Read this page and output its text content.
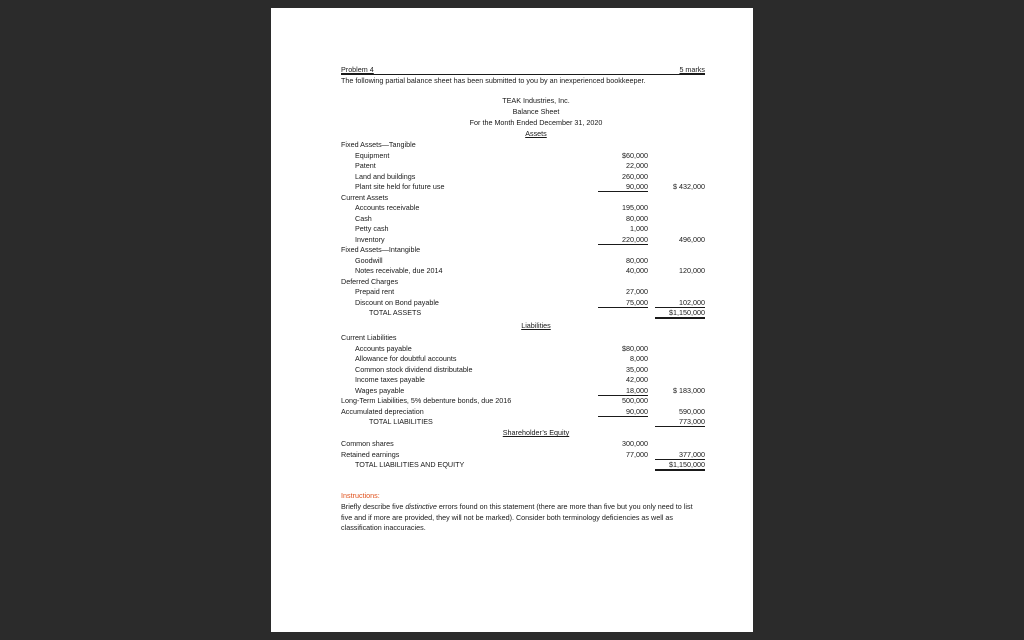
Problem 4	5 marks
The following partial balance sheet has been submitted to you by an inexperienced bookkeeper.
TEAK Industries, Inc.
Balance Sheet
For the Month Ended December 31, 2020
Assets
Fixed Assets—Tangible
Equipment	$60,000
Patent	22,000
Land and buildings	260,000
Plant site held for future use	90,000	$ 432,000
Current Assets
Accounts receivable	195,000
Cash	80,000
Petty cash	1,000
Inventory	220,000	496,000
Fixed Assets—Intangible
Goodwill	80,000
Notes receivable, due 2014	40,000	120,000
Deferred Charges
Prepaid rent	27,000
Discount on Bond payable	75,000	102,000
TOTAL ASSETS	$1,150,000
Liabilities
Current Liabilities
Accounts payable	$80,000
Allowance for doubtful accounts	8,000
Common stock dividend distributable	35,000
Income taxes payable	42,000
Wages payable	18,000	$ 183,000
Long-Term Liabilities, 5% debenture bonds, due 2016	500,000
Accumulated depreciation	90,000	590,000
TOTAL LIABILITIES	773,000
Shareholder’s Equity
Common shares	300,000
Retained earnings	77,000	377,000
TOTAL LIABILITIES AND EQUITY	$1,150,000
Instructions:
Briefly describe five distinctive errors found on this statement (there are more than five but you only need to list five and if more are provided, they will not be marked). Consider both terminology deficiencies as well as classification inaccuracies.
